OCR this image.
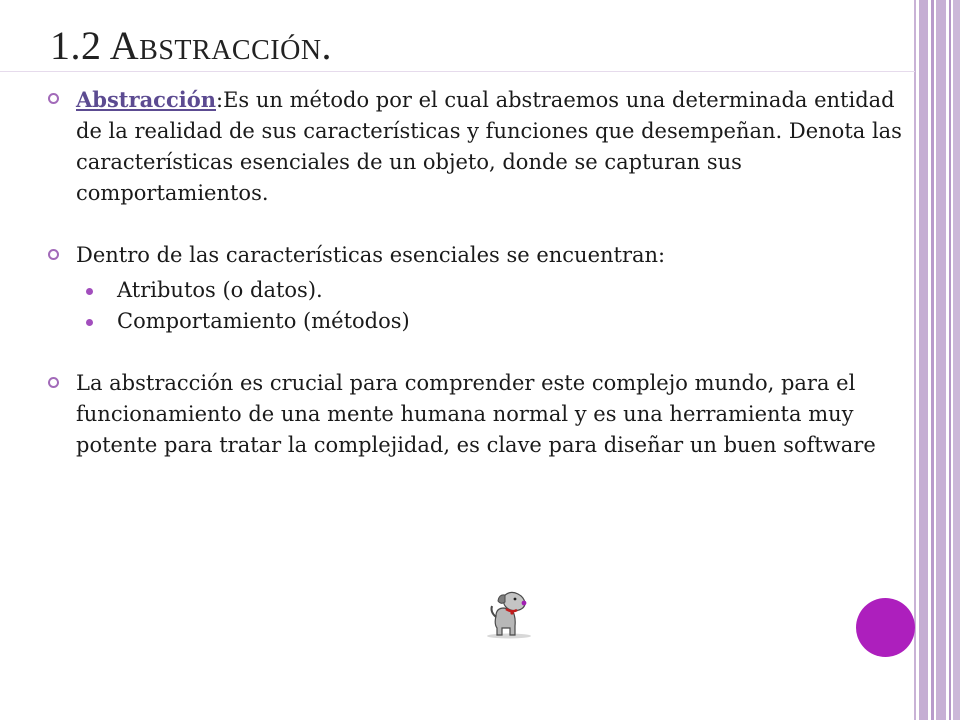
1.2 Abstracción.
Abstracción:Es un método por el cual abstraemos una determinada entidad de la realidad de sus características y funciones que desempeñan. Denota las características esenciales de un objeto, donde se capturan sus comportamientos.
Dentro de las características esenciales se encuentran:
Atributos (o datos).
Comportamiento (métodos)
La abstracción es crucial para comprender este complejo mundo, para el funcionamiento de una mente humana normal y es una herramienta muy potente para tratar la complejidad, es clave para diseñar un buen software
